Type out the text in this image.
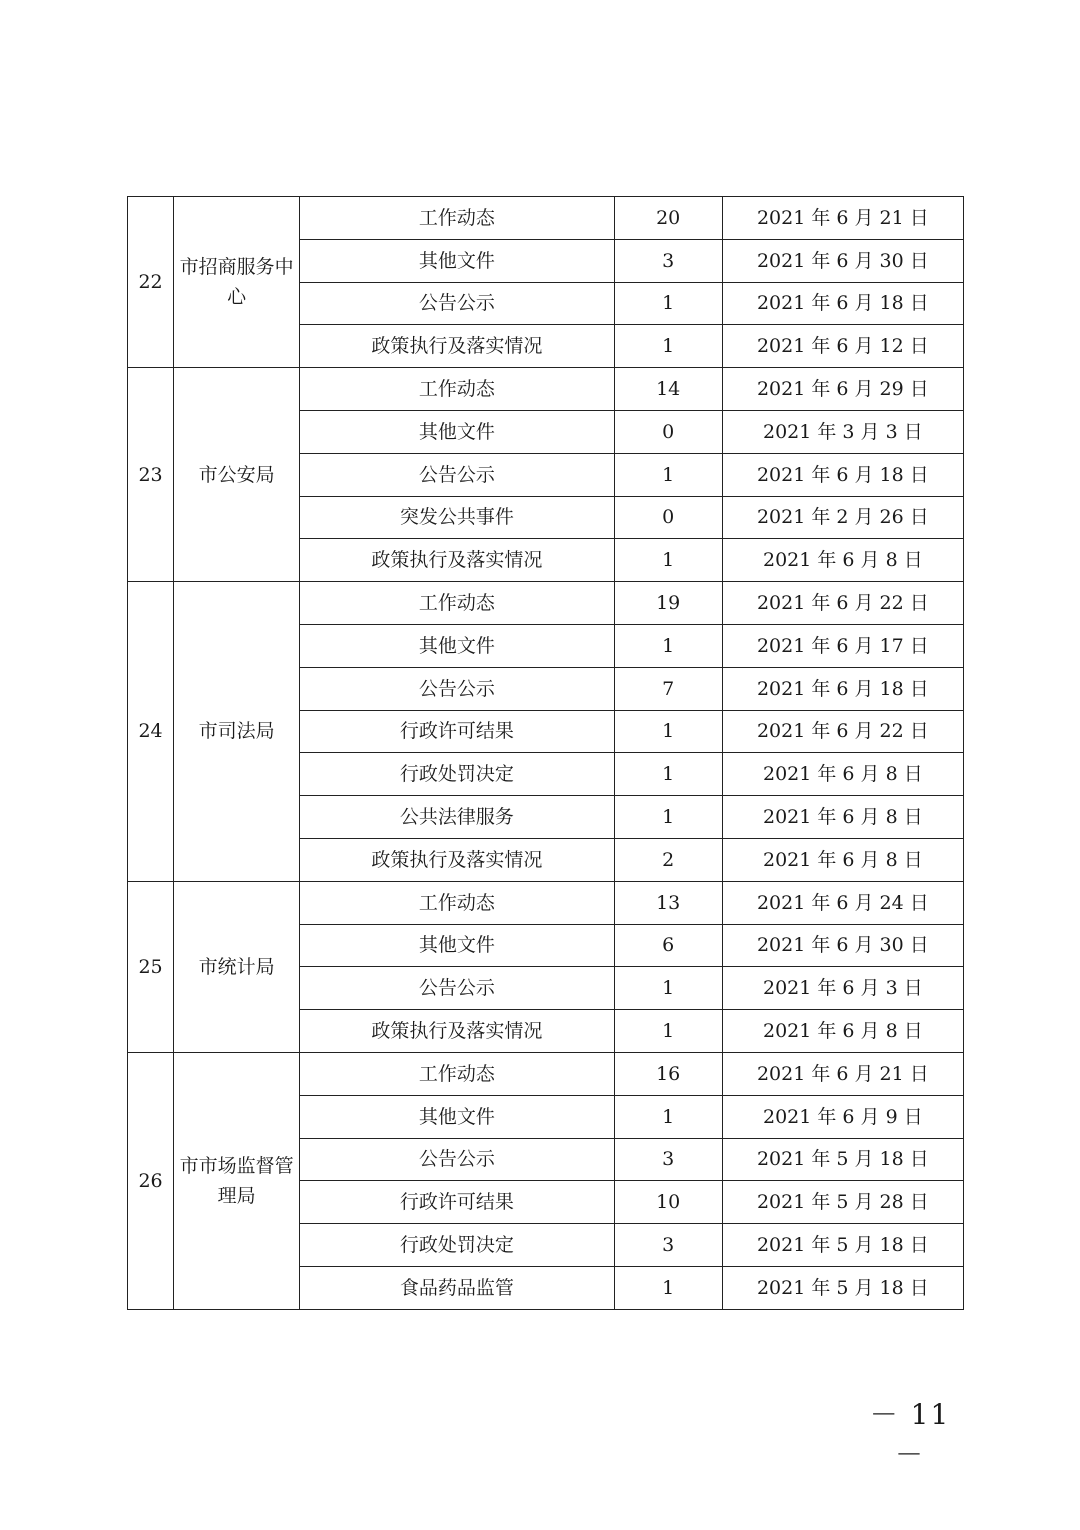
22	市招商服务中心	工作动态	20	2021 年 6 月 21 日
		其他文件	3	2021 年 6 月 30 日
		公告公示	1	2021 年 6 月 18 日
		政策执行及落实情况	1	2021 年 6 月 12 日
23	市公安局	工作动态	14	2021 年 6 月 29 日
		其他文件	0	2021 年 3 月 3 日
		公告公示	1	2021 年 6 月 18 日
		突发公共事件	0	2021 年 2 月 26 日
		政策执行及落实情况	1	2021 年 6 月 8 日
24	市司法局	工作动态	19	2021 年 6 月 22 日
		其他文件	1	2021 年 6 月 17 日
		公告公示	7	2021 年 6 月 18 日
		行政许可结果	1	2021 年 6 月 22 日
		行政处罚决定	1	2021 年 6 月 8 日
		公共法律服务	1	2021 年 6 月 8 日
		政策执行及落实情况	2	2021 年 6 月 8 日
25	市统计局	工作动态	13	2021 年 6 月 24 日
		其他文件	6	2021 年 6 月 30 日
		公告公示	1	2021 年 6 月 3 日
		政策执行及落实情况	1	2021 年 6 月 8 日
26	市市场监督管理局	工作动态	16	2021 年 6 月 21 日
		其他文件	1	2021 年 6 月 9 日
		公告公示	3	2021 年 5 月 18 日
		行政许可结果	10	2021 年 5 月 28 日
		行政处罚决定	3	2021 年 5 月 18 日
		食品药品监管	1	2021 年 5 月 18 日
－ 11 －
